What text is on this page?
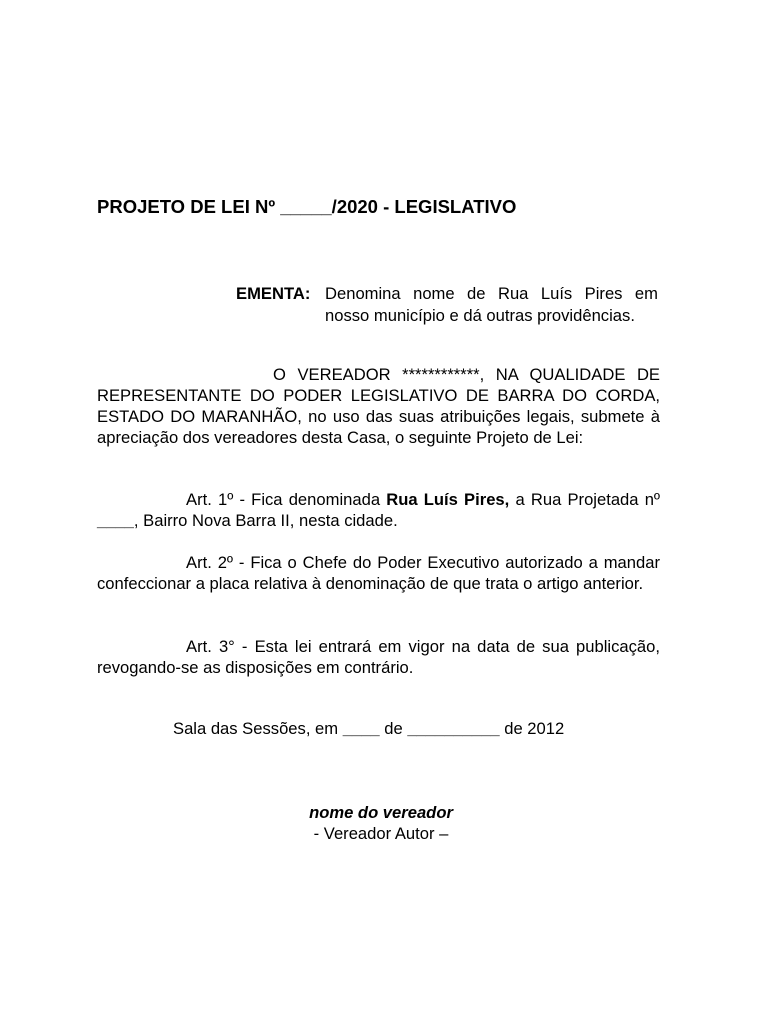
PROJETO DE LEI Nº _____/2020 - LEGISLATIVO
EMENTA: Denomina nome de Rua Luís Pires em nosso município e dá outras providências.

O VEREADOR ************, NA QUALIDADE DE REPRESENTANTE DO PODER LEGISLATIVO DE BARRA DO CORDA, ESTADO DO MARANHÃO, no uso das suas atribuições legais, submete à apreciação dos vereadores desta Casa, o seguinte Projeto de Lei:

Art. 1º - Fica denominada Rua Luís Pires, a Rua Projetada nº ____, Bairro Nova Barra II, nesta cidade.

Art. 2º - Fica o Chefe do Poder Executivo autorizado a mandar confeccionar a placa relativa à denominação de que trata o artigo anterior.

Art. 3° - Esta lei entrará em vigor na data de sua publicação, revogando-se as disposições em contrário.

Sala das Sessões, em ____ de __________ de 2012
nome do vereador
- Vereador Autor –
